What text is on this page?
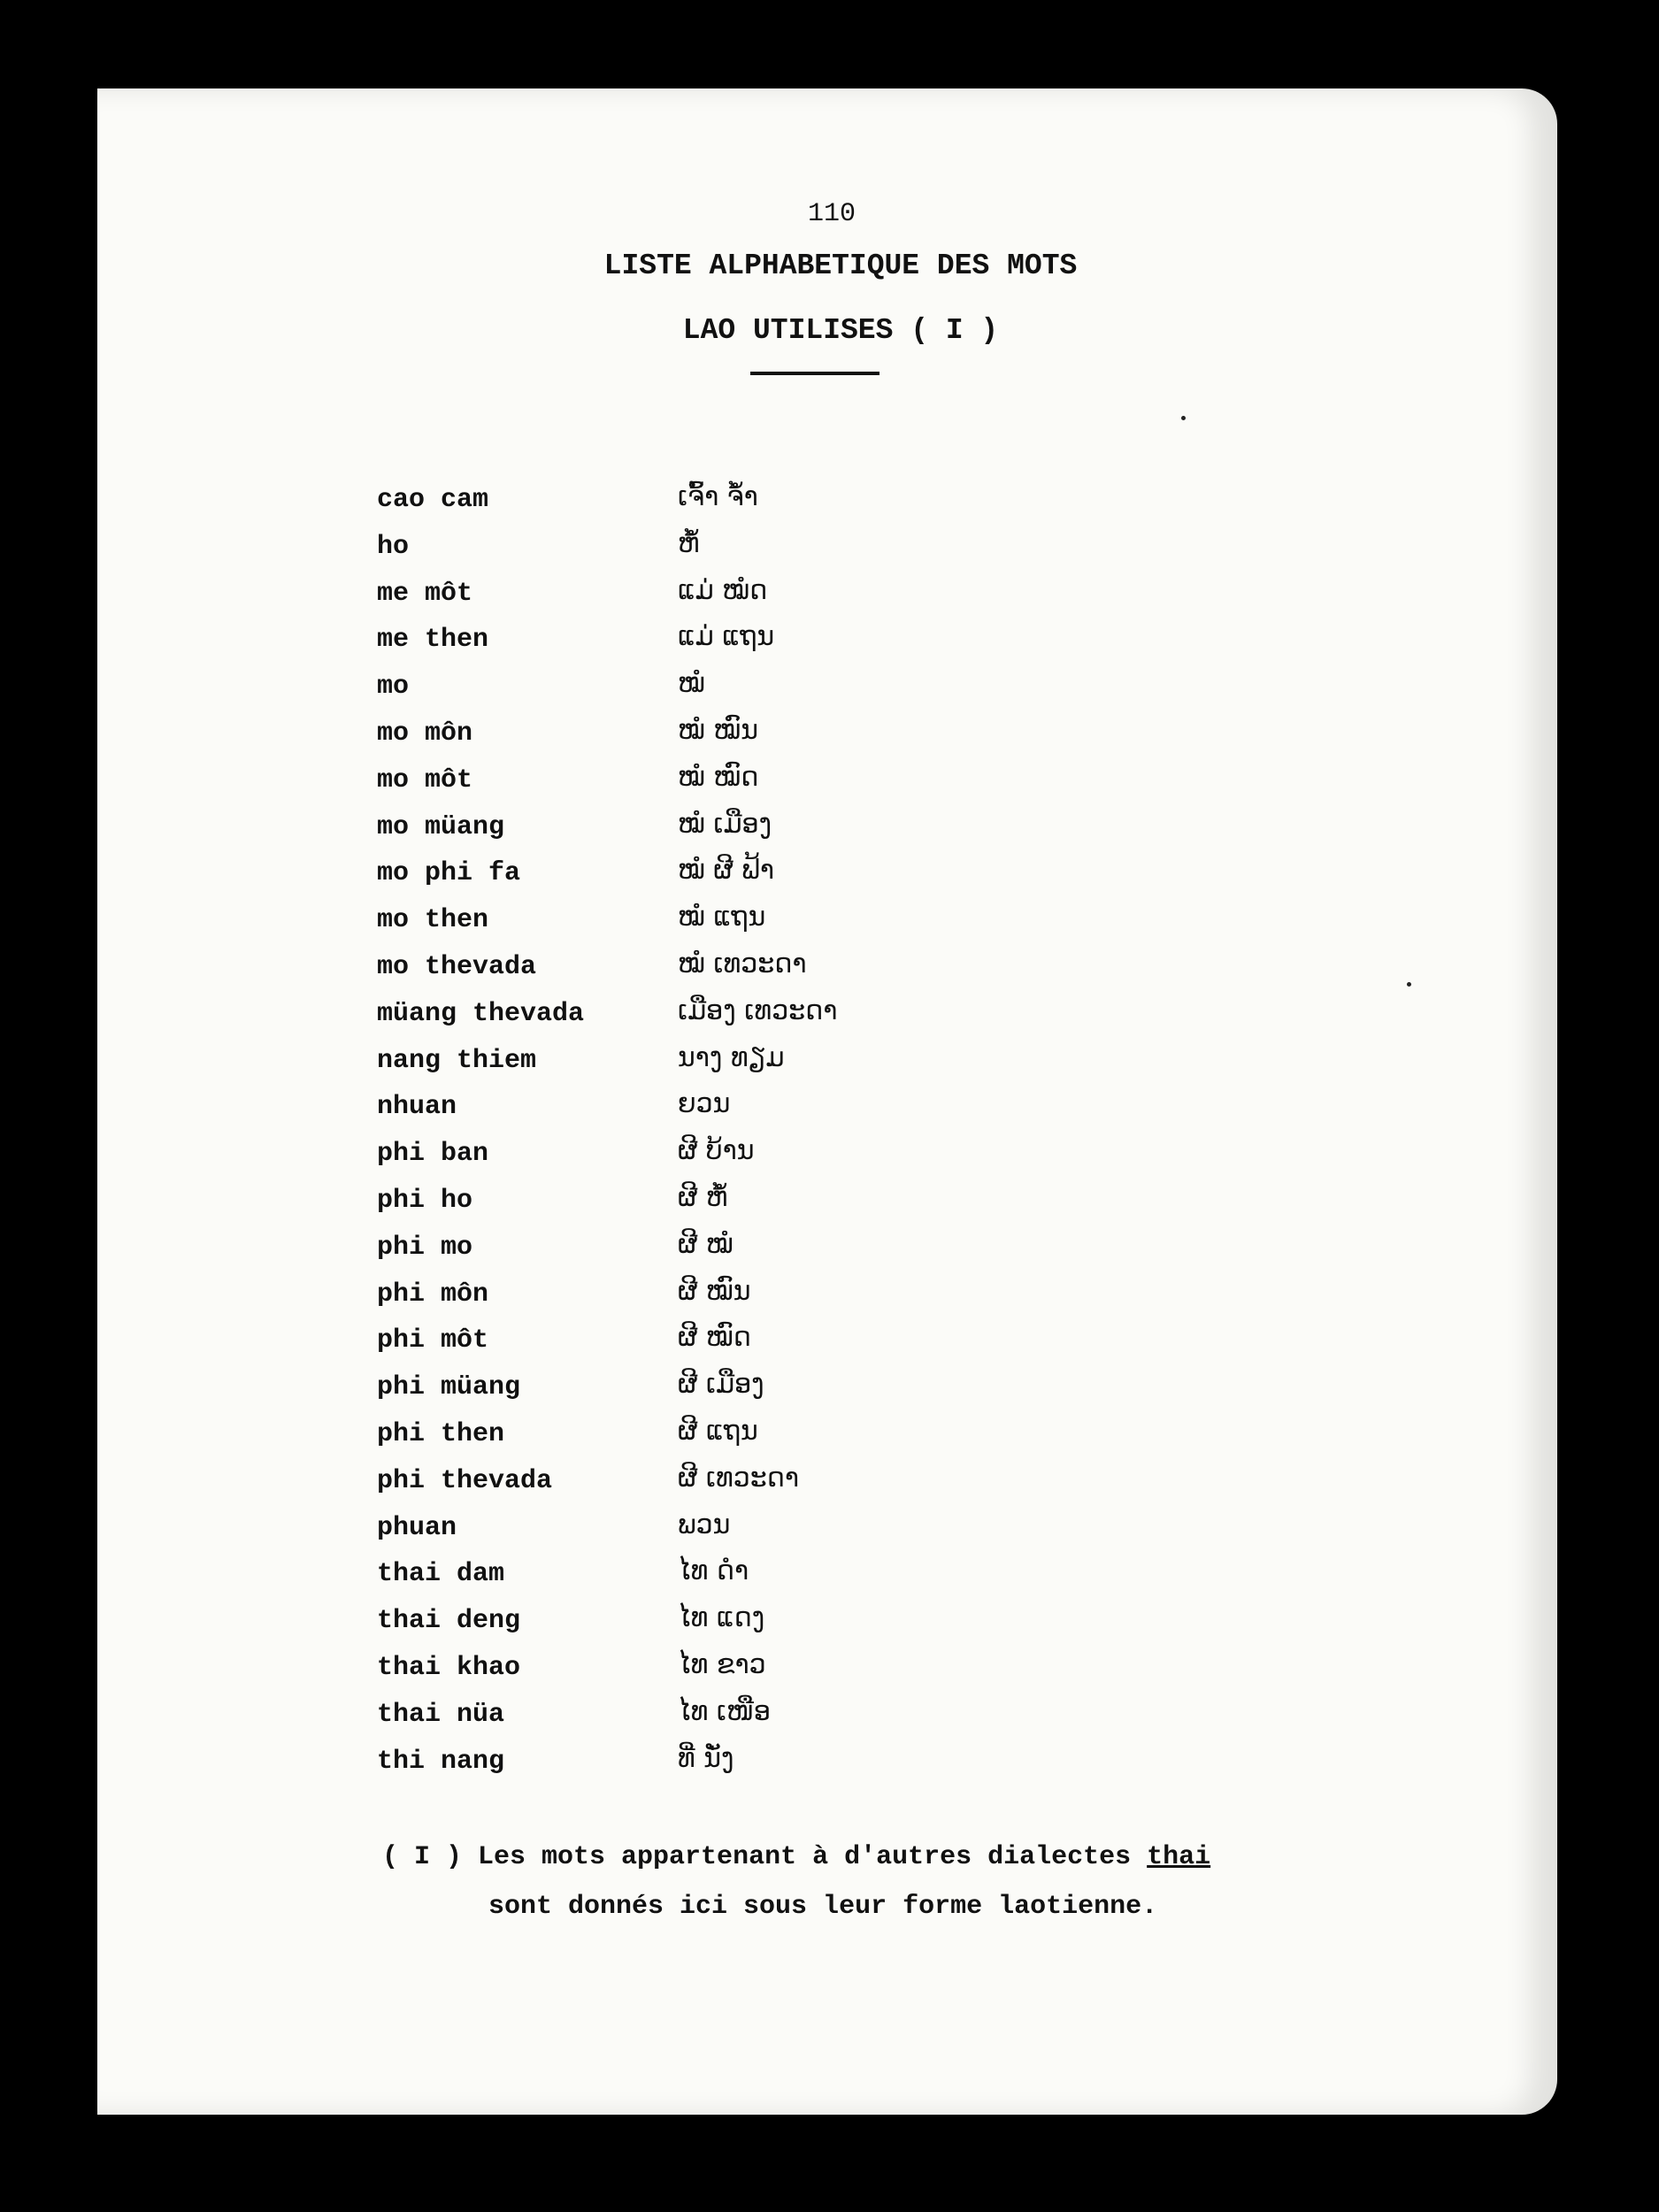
110
LISTE ALPHABETIQUE DES MOTS
LAO UTILISES ( I )
cao cam	ເຈົ້າ ຈ້ຳ
ho	ຫໍ້
me môt	ແມ່ ໝໍດ
me then	ແມ່ ແຖນ
mo	ໝໍ
mo môn	ໝໍ ໝົນ
mo môt	ໝໍ ໝົດ
mo müang	ໝໍ ເມືອງ
mo phi fa	ໝໍ ຜີ ຟ້າ
mo then	ໝໍ ແຖນ
mo thevada	ໝໍ ເທວະດາ
müang thevada	ເມືອງ ເທວະດາ
nang thiem	ນາງ ທຽມ
nhuan	ຍວນ
phi ban	ຜີ ບ້ານ
phi ho	ຜີ ຫໍ້
phi mo	ຜີ ໝໍ
phi môn	ຜີ ໝົນ
phi môt	ຜີ ໝົດ
phi müang	ຜີ ເມືອງ
phi then	ຜີ ແຖນ
phi thevada	ຜີ ເທວະດາ
phuan	ພວນ
thai dam	ໄທ ດຳ
thai deng	ໄທ ແດງ
thai khao	ໄທ ຂາວ
thai nüa	ໄທ ເໜືອ
thi nang	ທີ່ ນັ່ງ
( I ) Les mots appartenant à d'autres dialectes thai
sont donnés ici sous leur forme laotienne.
